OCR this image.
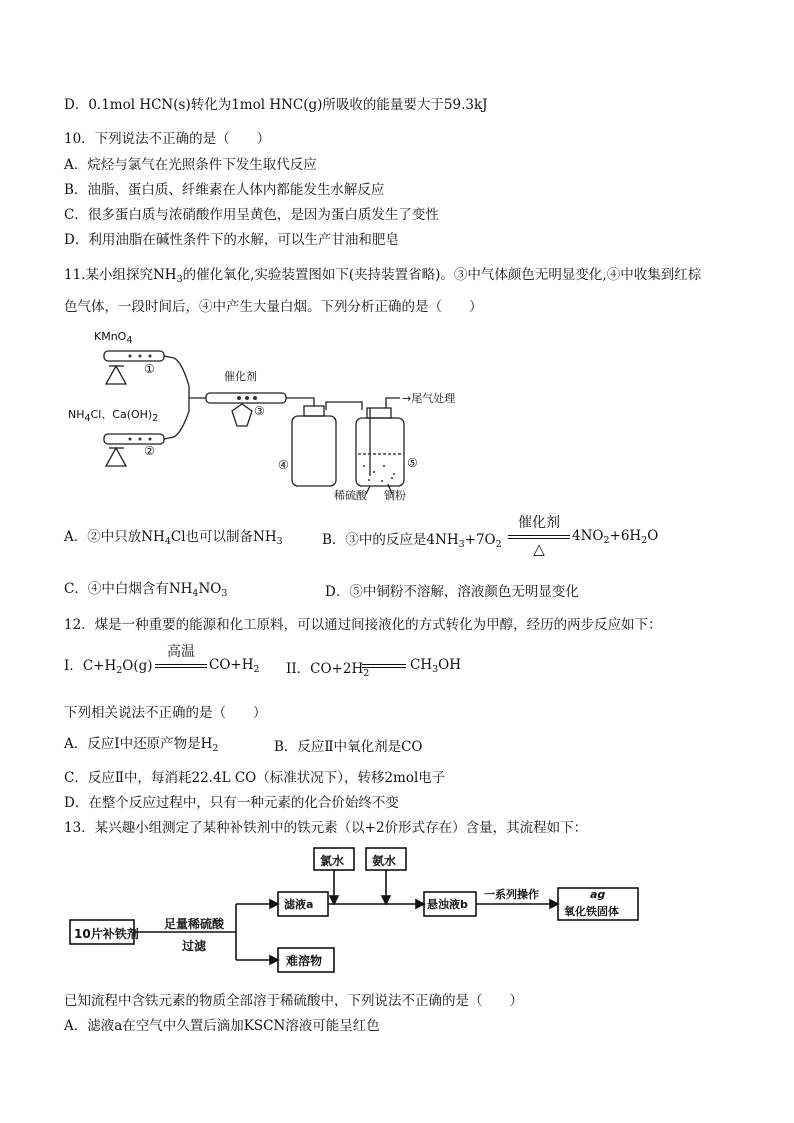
D．0.1mol HCN(s)转化为1mol HNC(g)所吸收的能量要大于59.3kJ
10．下列说法不正确的是（　　）
A．烷烃与氯气在光照条件下发生取代反应
B．油脂、蛋白质、纤维素在人体内都能发生水解反应
C．很多蛋白质与浓硝酸作用呈黄色，是因为蛋白质发生了变性
D．利用油脂在碱性条件下的水解，可以生产甘油和肥皂
11.某小组探究$NH_3$的催化氧化,实验装置图如下(夹持装置省略)。③中气体颜色无明显变化,④中收集到红棕
色气体，一段时间后，④中产生大量白烟。下列分析正确的是（　　）
KMnO4
①
NH4Cl、Ca(OH)2
②
催化剂
③
→尾气处理
④	⑤
稀硫酸 铜粉
A．②中只放$NH_4Cl$也可以制备$NH_3$	B．③中的反应是$4NH_3+7O_2$
催化剂
△
$4NO_2+6H_2O$
C．④中白烟含有$NH_4NO_3$	D．⑤中铜粉不溶解，溶液颜色无明显变化
12．煤是一种重要的能源和化工原料，可以通过间接液化的方式转化为甲醇，经历的两步反应如下：
I．$C+H_2O(g)$
高温
$CO+H_2$ II．$CO+2H_2$
$CH_3OH$
下列相关说法不正确的是（　　）
A．反应Ⅰ中还原产物是$H_2$	B．反应Ⅱ中氧化剂是CO
C．反应Ⅱ中，每消耗22.4L CO（标准状况下），转移2mol电子
D．在整个反应过程中，只有一种元素的化合价始终不变
13．某兴趣小组测定了某种补铁剂中的铁元素（以+2价形式存在）含量，其流程如下：
10片补铁剂
足量稀硫酸
过滤
滤液a
难溶物
氯水 氨水
悬浊液b
一系列操作	ag
氧化铁固体
已知流程中含铁元素的物质全部溶于稀硫酸中，下列说法不正确的是（　　）
A．滤液a在空气中久置后滴加KSCN溶液可能呈红色
